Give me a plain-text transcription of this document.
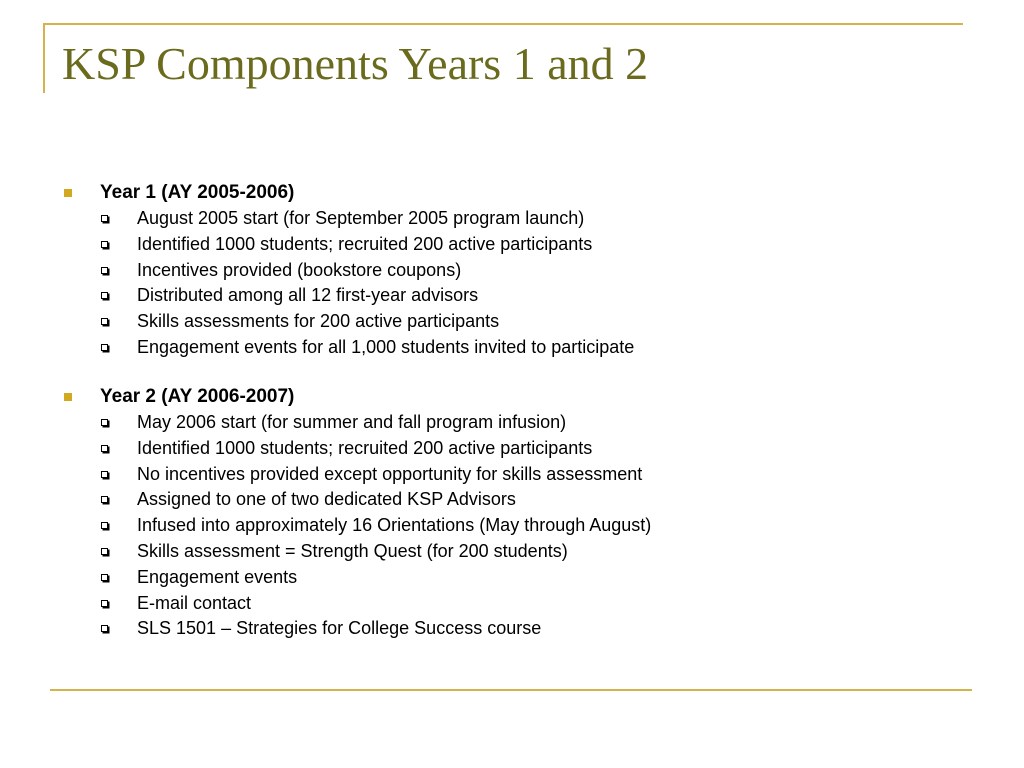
KSP Components Years 1 and 2
Year 1 (AY 2005-2006)
August 2005 start (for September 2005 program launch)
Identified 1000 students; recruited 200 active participants
Incentives provided (bookstore coupons)
Distributed among all 12 first-year advisors
Skills assessments for 200 active participants
Engagement events for all 1,000 students invited to participate
Year 2 (AY 2006-2007)
May 2006 start (for summer and fall program infusion)
Identified 1000 students; recruited 200 active participants
No incentives provided except opportunity for skills assessment
Assigned to one of two dedicated KSP Advisors
Infused into approximately 16 Orientations (May through August)
Skills assessment = Strength Quest (for 200 students)
Engagement events
E-mail contact
SLS 1501 – Strategies for College Success course
